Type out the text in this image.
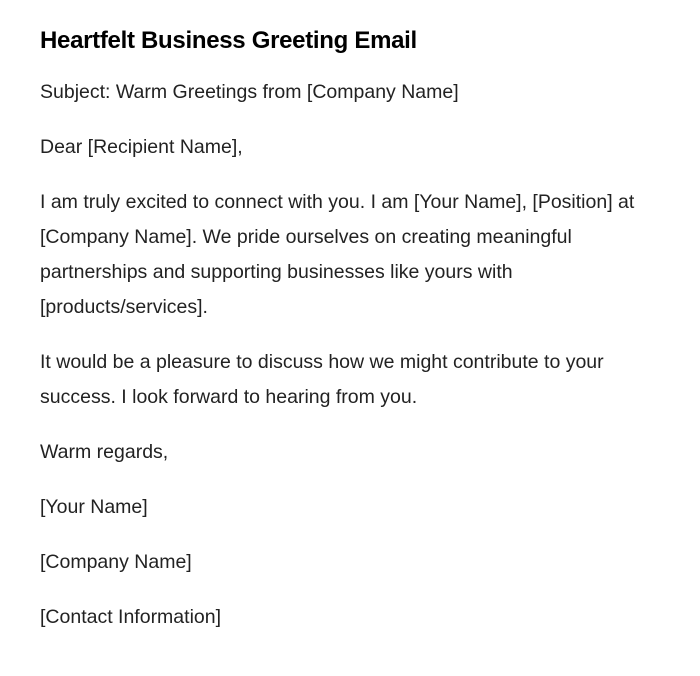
Heartfelt Business Greeting Email

Subject: Warm Greetings from [Company Name]

Dear [Recipient Name],

I am truly excited to connect with you. I am [Your Name], [Position] at [Company Name]. We pride ourselves on creating meaningful partnerships and supporting businesses like yours with [products/services].

It would be a pleasure to discuss how we might contribute to your success. I look forward to hearing from you.

Warm regards,

[Your Name]

[Company Name]

[Contact Information]
